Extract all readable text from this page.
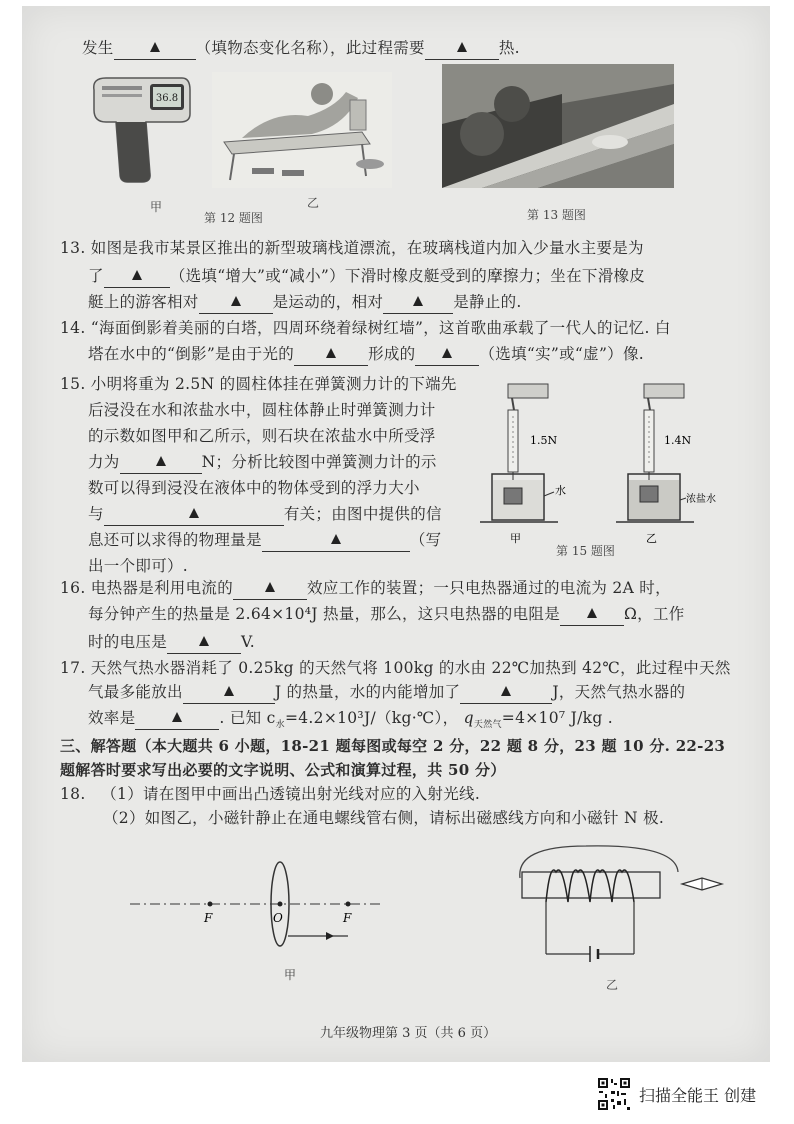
发生	（填物态变化名称），此过程需要	热.
36.8
甲	乙
第 12 题图	第 13 题图
13. 如图是我市某景区推出的新型玻璃栈道漂流，在玻璃栈道内加入少量水主要是为
了	（选填“增大”或“减小”）下滑时橡皮艇受到的摩擦力；坐在下滑橡皮
艇上的游客相对	是运动的，相对	是静止的.
14. “海面倒影着美丽的白塔，四周环绕着绿树红墙”，这首歌曲承载了一代人的记忆. 白
塔在水中的“倒影”是由于光的	形成的	（选填“实”或“虚”）像.
15. 小明将重为 2.5N 的圆柱体挂在弹簧测力计的下端先
后浸没在水和浓盐水中，圆柱体静止时弹簧测力计
的示数如图甲和乙所示，则石块在浓盐水中所受浮
力为	N；分析比较图中弹簧测力计的示
数可以得到浸没在液体中的物体受到的浮力大小
与	有关；由图中提供的信
息还可以求得的物理量是	（写
出一个即可）.
1.5N
水
甲
1.4N
浓盐水
乙
第 15 题图
16. 电热器是利用电流的	效应工作的装置；一只电热器通过的电流为 2A 时，
每分钟产生的热量是 2.64×10⁴J 热量，那么，这只电热器的电阻是	Ω，工作
时的电压是	V.
17. 天然气热水器消耗了 0.25kg 的天然气将 100kg 的水由 22℃加热到 42℃，此过程中天然
气最多能放出	J 的热量，水的内能增加了	J，天然气热水器的
效率是	. 已知 $c_水=4.2\times 10^3J/(kg\cdot℃)$， $q_{天然气}=4\times 10^7$ J/kg .
三、解答题（本大题共 6 小题，18-21 题每图或每空 2 分，22 题 8 分，23 题 10 分. 22-23
题解答时要求写出必要的文字说明、公式和演算过程，共 50 分）
18. （1）请在图甲中画出凸透镜出射光线对应的入射光线.
（2）如图乙，小磁针静止在通电螺线管右侧，请标出磁感线方向和小磁针 N 极.
F	O	F
甲
乙
九年级物理第 3 页（共 6 页）
扫描全能王 创建
